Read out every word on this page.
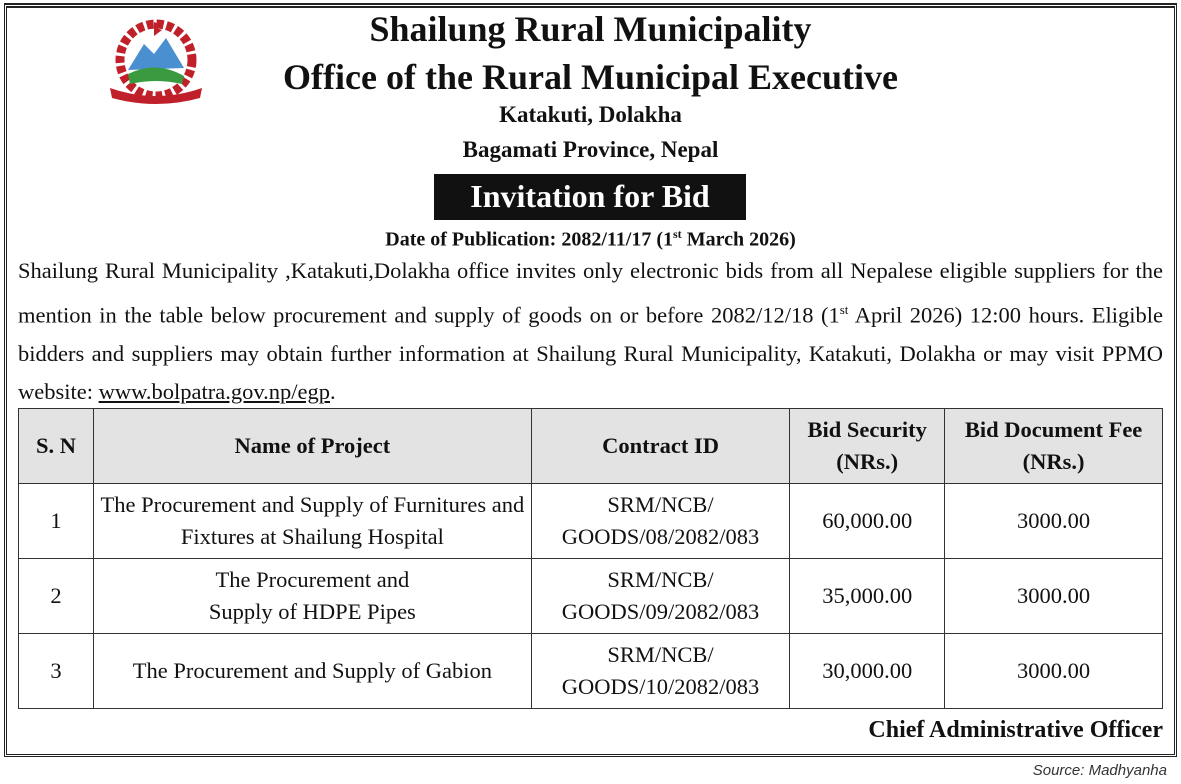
Shailung Rural Municipality
Office of the Rural Municipal Executive
Katakuti, Dolakha
Bagamati Province, Nepal
Invitation for Bid
Date of Publication: 2082/11/17 (1st March 2026)
Shailung Rural Municipality ,Katakuti,Dolakha office invites only electronic bids from all Nepalese eligible suppliers for the mention in the table below procurement and supply of goods on or before 2082/12/18 (1st April 2026) 12:00 hours. Eligible bidders and suppliers may obtain further information at Shailung Rural Municipality, Katakuti, Dolakha or may visit PPMO website: www.bolpatra.gov.np/egp.
S. N	Name of Project	Contract ID	Bid Security (NRs.)	Bid Document Fee (NRs.)
1	The Procurement and Supply of Furnitures and Fixtures at Shailung Hospital	SRM/NCB/ GOODS/08/2082/083	60,000.00	3000.00
2	The Procurement and Supply of HDPE Pipes	SRM/NCB/ GOODS/09/2082/083	35,000.00	3000.00
3	The Procurement and Supply of Gabion	SRM/NCB/ GOODS/10/2082/083	30,000.00	3000.00
Chief Administrative Officer
Source: Madhyanha
